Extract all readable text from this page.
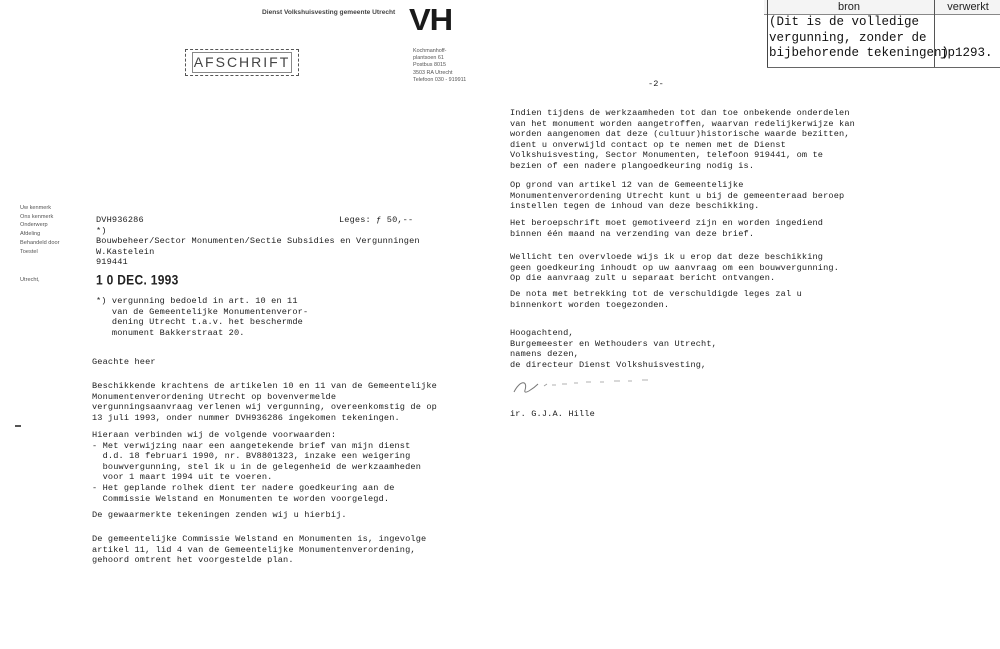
bron	verwerkt
(Dit is de volledige
vergunning, zonder de
bijbehorende tekeningen)
jp1293.
Dienst Volkshuisvesting gemeente Utrecht VH
Kochmanhoff-
plantsoen 61
Postbus 8015
3503 RA Utrecht
Telefoon 030 - 919911
AFSCHRIFT
-2-
Uw kenmerk
Ons kenmerk
Onderwerp
Afdeling
Behandeld door
Toestel
Utrecht,
DVH936286
*)
Bouwbeheer/Sector Monumenten/Sectie Subsidies en Vergunningen
W.Kastelein
919441
Leges: ƒ 50,--
1 0 DEC. 1993
*) vergunning bedoeld in art. 10 en 11
van de Gemeentelijke Monumentenveror-
dening Utrecht t.a.v. het beschermde
monument Bakkerstraat 20.
Geachte heer
Beschikkende krachtens de artikelen 10 en 11 van de Gemeentelijke
Monumentenverordening Utrecht op bovenvermelde
vergunningsaanvraag verlenen wij vergunning, overeenkomstig de op
13 juli 1993, onder nummer DVH936286 ingekomen tekeningen.
Hieraan verbinden wij de volgende voorwaarden:
- Met verwijzing naar een aangetekende brief van mijn dienst
d.d. 18 februari 1990, nr. BV8801323, inzake een weigering
bouwvergunning, stel ik u in de gelegenheid de werkzaamheden
voor 1 maart 1994 uit te voeren.
- Het geplande rolhek dient ter nadere goedkeuring aan de
Commissie Welstand en Monumenten te worden voorgelegd.
De gewaarmerkte tekeningen zenden wij u hierbij.
De gemeentelijke Commissie Welstand en Monumenten is, ingevolge
artikel 11, lid 4 van de Gemeentelijke Monumentenverordening,
gehoord omtrent het voorgestelde plan.
Indien tijdens de werkzaamheden tot dan toe onbekende onderdelen
van het monument worden aangetroffen, waarvan redelijkerwijze kan
worden aangenomen dat deze (cultuur)historische waarde bezitten,
dient u onverwijld contact op te nemen met de Dienst
Volkshuisvesting, Sector Monumenten, telefoon 919441, om te
bezien of een nadere plangoedkeuring nodig is.
Op grond van artikel 12 van de Gemeentelijke
Monumentenverordening Utrecht kunt u bij de gemeenteraad beroep
instellen tegen de inhoud van deze beschikking.
Het beroepschrift moet gemotiveerd zijn en worden ingediend
binnen één maand na verzending van deze brief.
Wellicht ten overvloede wijs ik u erop dat deze beschikking
geen goedkeuring inhoudt op uw aanvraag om een bouwvergunning.
Op die aanvraag zult u separaat bericht ontvangen.
De nota met betrekking tot de verschuldigde leges zal u
binnenkort worden toegezonden.
Hoogachtend,
Burgemeester en Wethouders van Utrecht,
namens dezen,
de directeur Dienst Volkshuisvesting,
ir. G.J.A. Hille
